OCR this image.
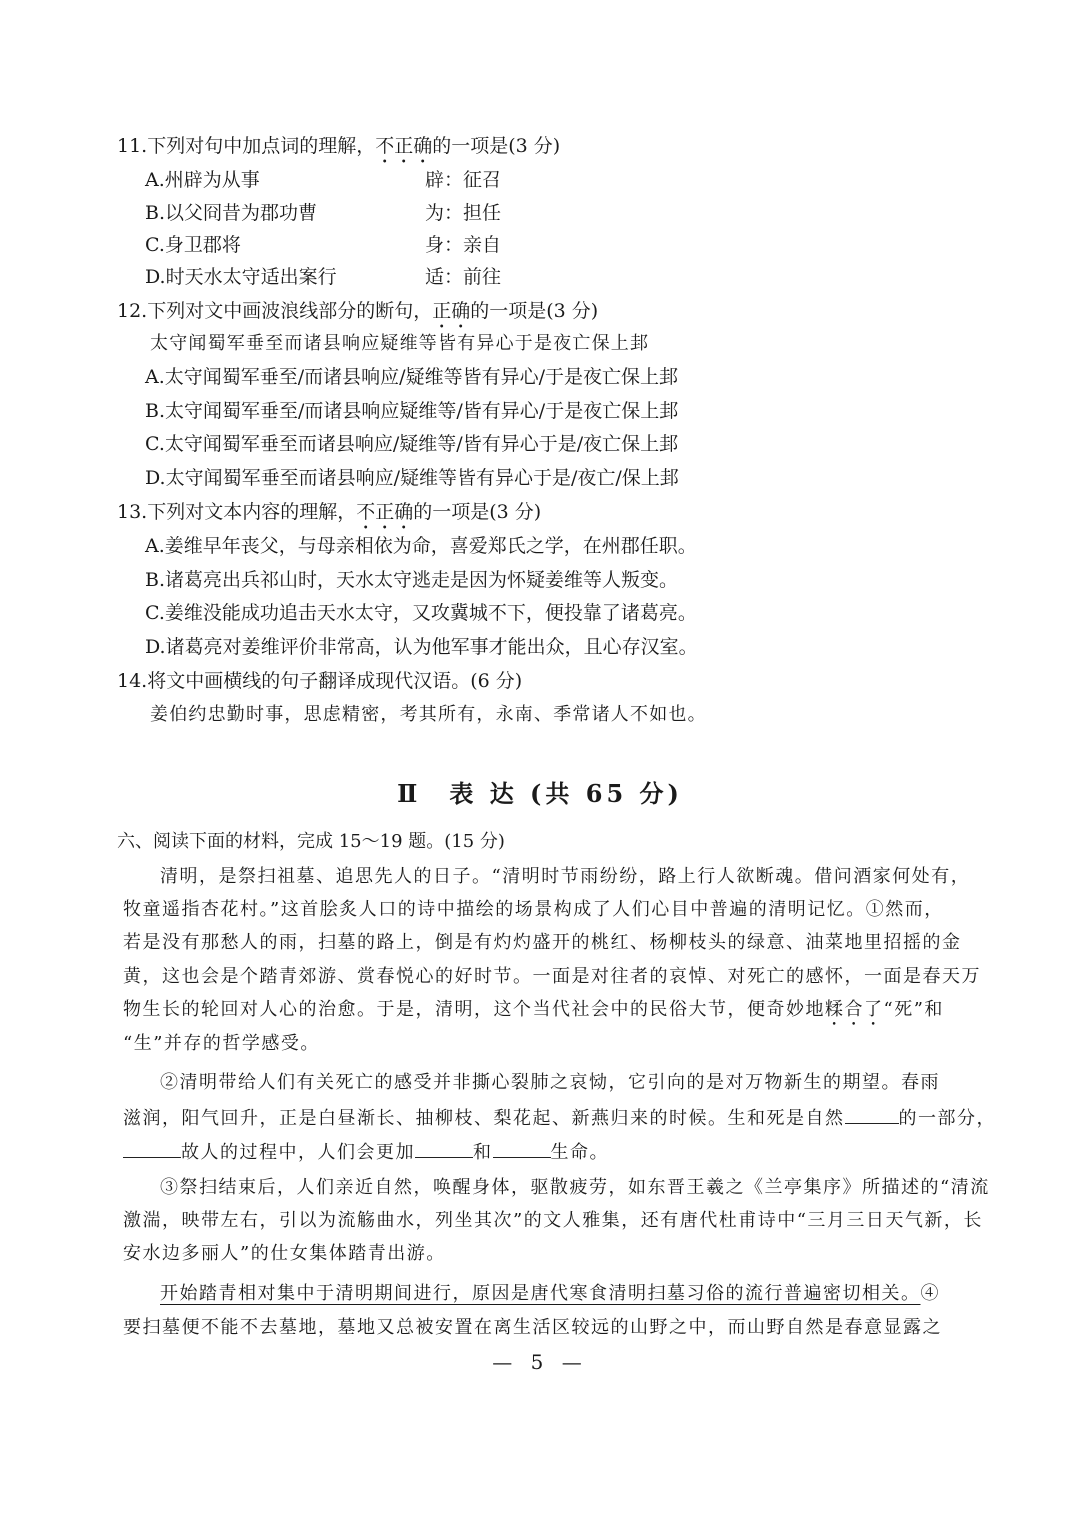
11.下列对句中加点词的理解，不正确的一项是(3 分)
A.州辟为从事	辟：征召
B.以父冏昔为郡功曹	为：担任
C.身卫郡将	身：亲自
D.时天水太守适出案行	适：前往
12.下列对文中画波浪线部分的断句，正确的一项是(3 分)
太守闻蜀军垂至而诸县响应疑维等皆有异心于是夜亡保上邽
A.太守闻蜀军垂至/而诸县响应/疑维等皆有异心/于是夜亡保上邽
B.太守闻蜀军垂至/而诸县响应疑维等/皆有异心/于是夜亡保上邽
C.太守闻蜀军垂至而诸县响应/疑维等/皆有异心于是/夜亡保上邽
D.太守闻蜀军垂至而诸县响应/疑维等皆有异心于是/夜亡/保上邽
13.下列对文本内容的理解，不正确的一项是(3 分)
A.姜维早年丧父，与母亲相依为命，喜爱郑氏之学，在州郡任职。
B.诸葛亮出兵祁山时，天水太守逃走是因为怀疑姜维等人叛变。
C.姜维没能成功追击天水太守，又攻冀城不下，便投靠了诸葛亮。
D.诸葛亮对姜维评价非常高，认为他军事才能出众，且心存汉室。
14.将文中画横线的句子翻译成现代汉语。(6 分)
姜伯约忠勤时事，思虑精密，考其所有，永南、季常诸人不如也。
Ⅱ　表 达 (共 65 分)
六、阅读下面的材料，完成 15～19 题。(15 分)
清明，是祭扫祖墓、追思先人的日子。“清明时节雨纷纷，路上行人欲断魂。借问酒家何处有，
牧童遥指杏花村。”这首脍炙人口的诗中描绘的场景构成了人们心目中普遍的清明记忆。①然而，
若是没有那愁人的雨，扫墓的路上，倒是有灼灼盛开的桃红、杨柳枝头的绿意、油菜地里招摇的金
黄，这也会是个踏青郊游、赏春悦心的好时节。一面是对往者的哀悼、对死亡的感怀，一面是春天万
物生长的轮回对人心的治愈。于是，清明，这个当代社会中的民俗大节，便奇妙地糅合了“死”和
“生”并存的哲学感受。
②清明带给人们有关死亡的感受并非撕心裂肺之哀恸，它引向的是对万物新生的期望。春雨
滋润，阳气回升，正是白昼渐长、抽柳枝、梨花起、新燕归来的时候。生和死是自然	的一部分，
故人的过程中，人们会更加	和	生命。
③祭扫结束后，人们亲近自然，唤醒身体，驱散疲劳，如东晋王羲之《兰亭集序》所描述的“清流
激湍，映带左右，引以为流觞曲水，列坐其次”的文人雅集，还有唐代杜甫诗中“三月三日天气新，长
安水边多丽人”的仕女集体踏青出游。
开始踏青相对集中于清明期间进行，原因是唐代寒食清明扫墓习俗的流行普遍密切相关。④
要扫墓便不能不去墓地，墓地又总被安置在离生活区较远的山野之中，而山野自然是春意显露之
— 5 —
